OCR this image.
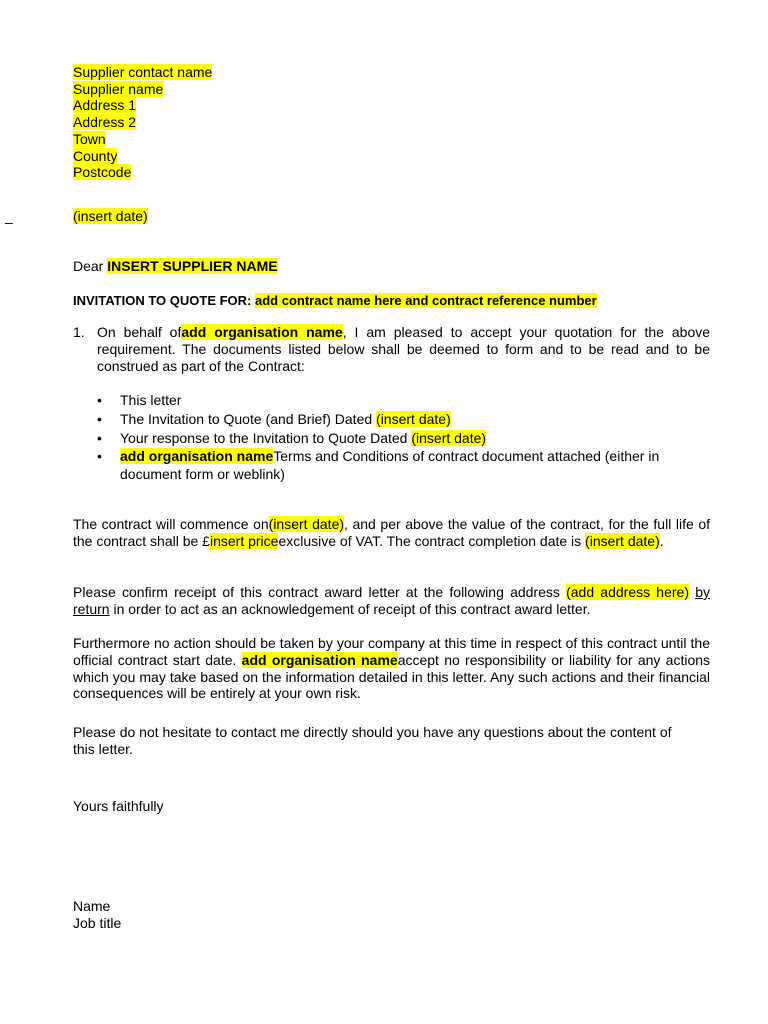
–
Supplier contact name
Supplier name
Address 1
Address 2
Town
County
Postcode
(insert date)
Dear INSERT SUPPLIER NAME
INVITATION TO QUOTE FOR: add contract name here and contract reference number
1. On behalf ofadd organisation name, I am pleased to accept your quotation for the above requirement. The documents listed below shall be deemed to form and to be read and to be construed as part of the Contract:
• This letter
• The Invitation to Quote (and Brief) Dated (insert date)
• Your response to the Invitation to Quote Dated (insert date)
• add organisation nameTerms and Conditions of contract document attached (either in document form or weblink)
The contract will commence on(insert date), and per above the value of the contract, for the full life of the contract shall be £insert priceexclusive of VAT. The contract completion date is (insert date).
Please confirm receipt of this contract award letter at the following address (add address here) by return in order to act as an acknowledgement of receipt of this contract award letter.
Furthermore no action should be taken by your company at this time in respect of this contract until the official contract start date. add organisation nameaccept no responsibility or liability for any actions which you may take based on the information detailed in this letter. Any such actions and their financial consequences will be entirely at your own risk.
Please do not hesitate to contact me directly should you have any questions about the content of this letter.
Yours faithfully
Name
Job title
